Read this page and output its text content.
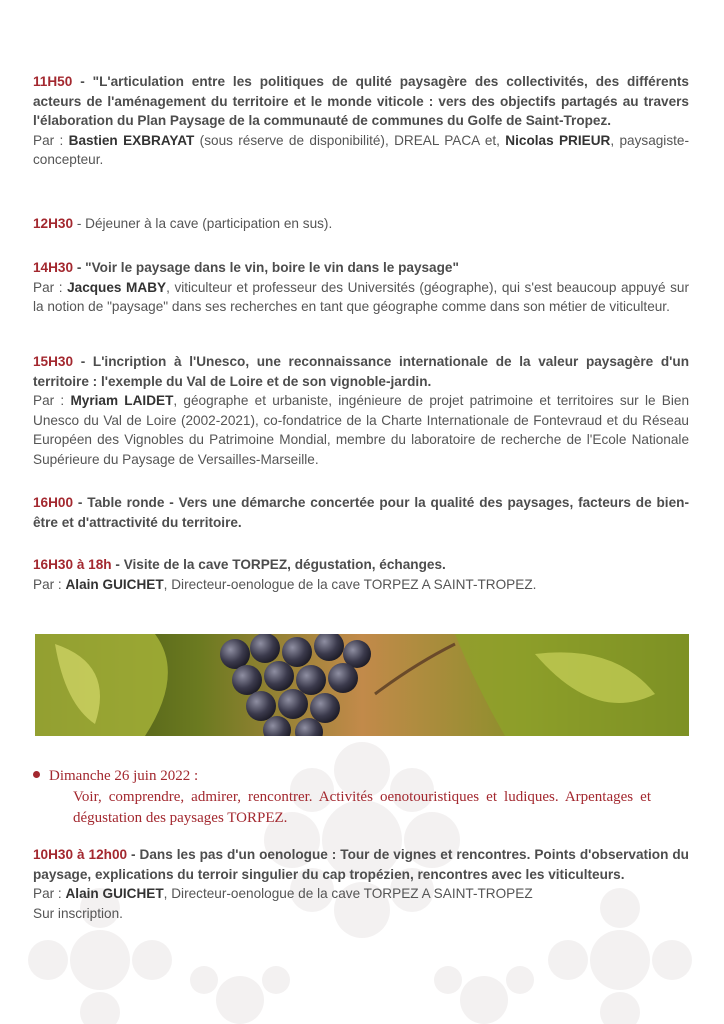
11H50 - "L'articulation entre les politiques de qulité paysagère des collectivités, des différents acteurs de l'aménagement du territoire et le monde viticole : vers des objectifs partagés au travers l'élaboration du Plan Paysage de la communauté de communes du Golfe de Saint-Tropez.
Par : Bastien EXBRAYAT (sous réserve de disponibilité), DREAL PACA et, Nicolas PRIEUR, paysagiste-concepteur.
12H30 - Déjeuner à la cave (participation en sus).
14H30 - "Voir le paysage dans le vin, boire le vin dans le paysage"
Par : Jacques MABY, viticulteur et professeur des Universités (géographe), qui s'est beaucoup appuyé sur la notion de "paysage" dans ses recherches en tant que géographe comme dans son métier de viticulteur.
15H30 - L'incription à l'Unesco, une reconnaissance internationale de la valeur paysagère d'un territoire : l'exemple du Val de Loire et de son vignoble-jardin.
Par : Myriam LAIDET, géographe et urbaniste, ingénieure de projet patrimoine et territoires sur le Bien Unesco du Val de Loire (2002-2021), co-fondatrice de la Charte Internationale de Fontevraud et du Réseau Européen des Vignobles du Patrimoine Mondial, membre du laboratoire de recherche de l'Ecole Nationale Supérieure du Paysage de Versailles-Marseille.
16H00 - Table ronde - Vers une démarche concertée pour la qualité des paysages, facteurs de bien-être et d'attractivité du territoire.
16H30 à 18h - Visite de la cave TORPEZ, dégustation, échanges.
Par : Alain GUICHET, Directeur-oenologue de la cave TORPEZ A SAINT-TROPEZ.
Dimanche 26 juin 2022 :
Voir, comprendre, admirer, rencontrer. Activités oenotouristiques et ludiques. Arpentages et dégustation des paysages TORPEZ.
10H30 à 12h00 - Dans les pas d'un oenologue : Tour de vignes et rencontres. Points d'observation du paysage, explications du terroir singulier du cap tropézien, rencontres avec les viticulteurs.
Par : Alain GUICHET, Directeur-oenologue de la cave TORPEZ A SAINT-TROPEZ
Sur inscription.
